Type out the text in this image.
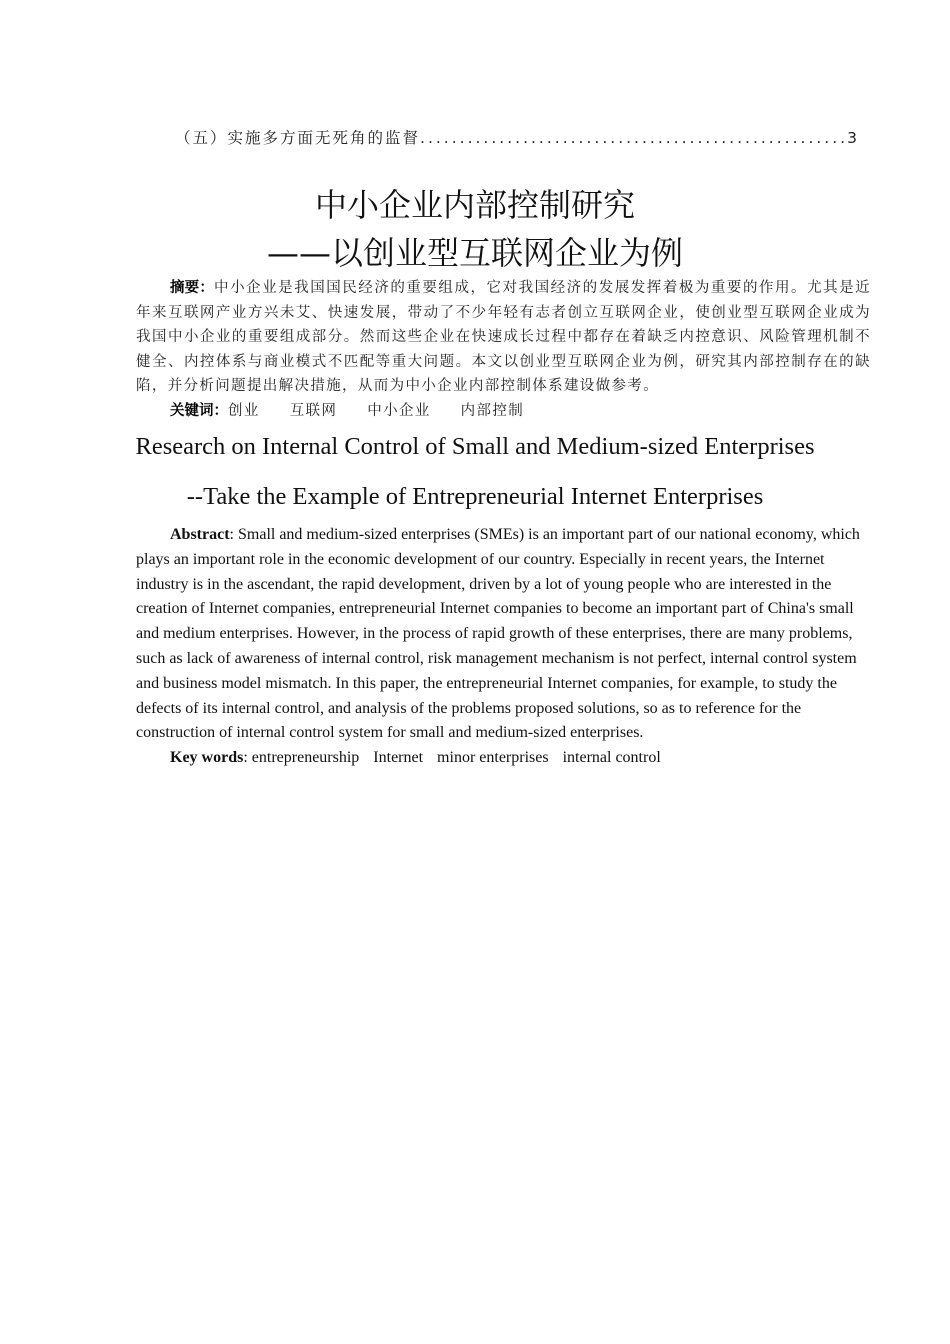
（五）实施多方面无死角的监督
.....	3
中小企业内部控制研究
——以创业型互联网企业为例

摘要：中小企业是我国国民经济的重要组成，它对我国经济的发展发挥着极为重要的作用。尤其是近年来互联网产业方兴未艾、快速发展，带动了不少年轻有志者创立互联网企业，使创业型互联网企业成为我国中小企业的重要组成部分。然而这些企业在快速成长过程中都存在着缺乏内控意识、风险管理机制不健全、内控体系与商业模式不匹配等重大问题。本文以创业型互联网企业为例，研究其内部控制存在的缺陷，并分析问题提出解决措施，从而为中小企业内部控制体系建设做参考。

关键词：创业 互联网 中小企业 内部控制

Research on Internal Control of Small and Medium-sized Enterprises
--Take the Example of Entrepreneurial Internet Enterprises

Abstract: Small and medium-sized enterprises (SMEs) is an important part of our national economy, which plays an important role in the economic development of our country. Especially in recent years, the Internet industry is in the ascendant, the rapid development, driven by a lot of young people who are interested in the creation of Internet companies, entrepreneurial Internet companies to become an important part of China's small and medium enterprises. However, in the process of rapid growth of these enterprises, there are many problems, such as lack of awareness of internal control, risk management mechanism is not perfect, internal control system and business model mismatch. In this paper, the entrepreneurial Internet companies, for example, to study the defects of its internal control, and analysis of the problems proposed solutions, so as to reference for the construction of internal control system for small and medium-sized enterprises.

Key words: entrepreneurship Internet minor enterprises internal control
